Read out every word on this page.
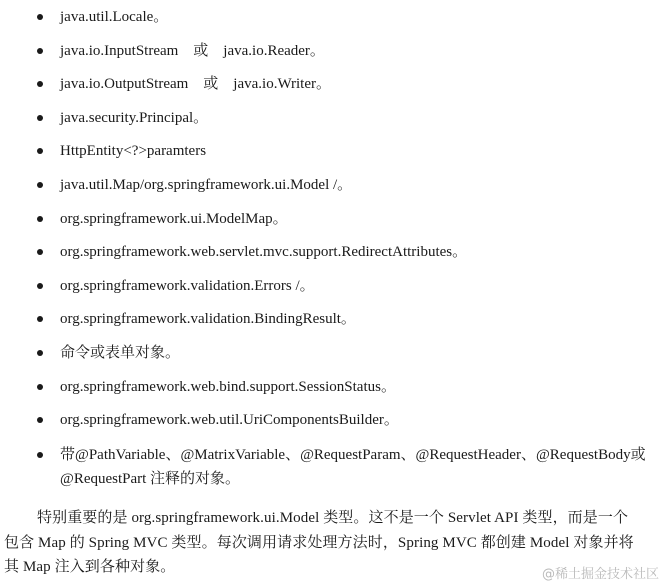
java.util.Locale。
java.io.InputStream　或　java.io.Reader。
java.io.OutputStream　或　java.io.Writer。
java.security.Principal。
HttpEntity<?>paramters
java.util.Map/org.springframework.ui.Model /。
org.springframework.ui.ModelMap。
org.springframework.web.servlet.mvc.support.RedirectAttributes。
org.springframework.validation.Errors /。
org.springframework.validation.BindingResult。
命令或表单对象。
org.springframework.web.bind.support.SessionStatus。
org.springframework.web.util.UriComponentsBuilder。
带@PathVariable、@MatrixVariable、@RequestParam、@RequestHeader、@RequestBody或@RequestPart 注释的对象。

特别重要的是 org.springframework.ui.Model 类型。这不是一个 Servlet API 类型，而是一个包含 Map 的 Spring MVC 类型。每次调用请求处理方法时，Spring MVC 都创建 Model 对象并将其 Map 注入到各种对象。	@稀土掘金技术社区
